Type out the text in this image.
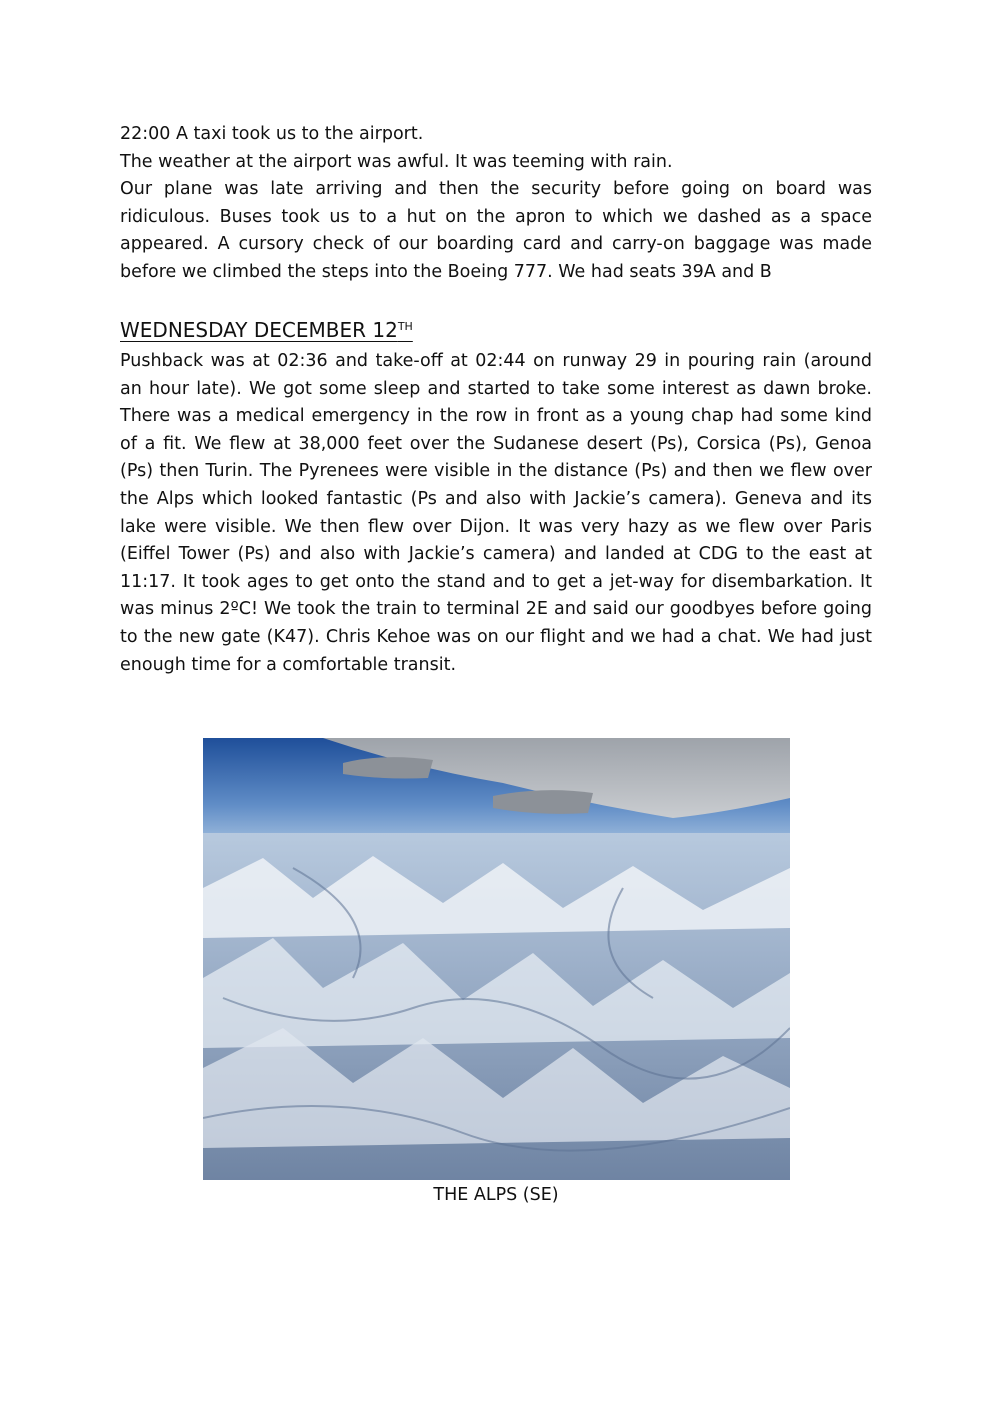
22:00 A taxi took us to the airport.
The weather at the airport was awful. It was teeming with rain.
Our plane was late arriving and then the security before going on board was ridiculous. Buses took us to a hut on the apron to which we dashed as a space appeared. A cursory check of our boarding card and carry-on baggage was made before we climbed the steps into the Boeing 777. We had seats 39A and B
WEDNESDAY DECEMBER 12TH
Pushback was at 02:36 and take-off at 02:44 on runway 29 in pouring rain (around an hour late). We got some sleep and started to take some interest as dawn broke. There was a medical emergency in the row in front as a young chap had some kind of a fit. We flew at 38,000 feet over the Sudanese desert (Ps), Corsica (Ps), Genoa (Ps) then Turin. The Pyrenees were visible in the distance (Ps) and then we flew over the Alps which looked fantastic (Ps and also with Jackie’s camera). Geneva and its lake were visible. We then flew over Dijon. It was very hazy as we flew over Paris (Eiffel Tower (Ps) and also with Jackie’s camera) and landed at CDG to the east at 11:17. It took ages to get onto the stand and to get a jet-way for disembarkation. It was minus 2ºC! We took the train to terminal 2E and said our goodbyes before going to the new gate (K47). Chris Kehoe was on our flight and we had a chat. We had just enough time for a comfortable transit.
THE ALPS (SE)
